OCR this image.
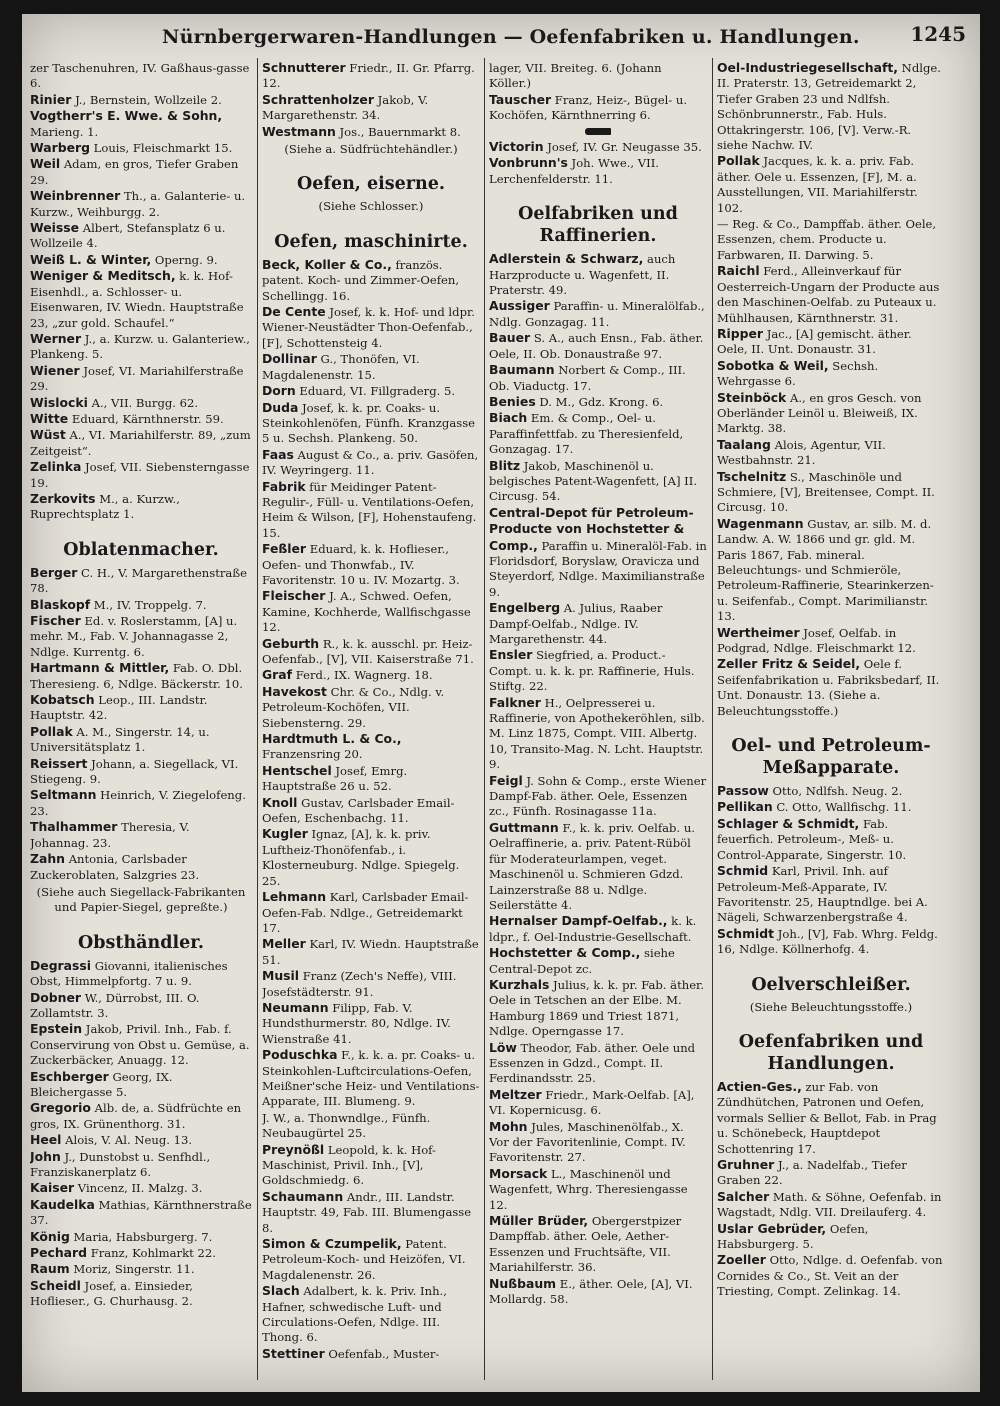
Nürnbergerwaren-Handlungen — Oefenfabriken u. Handlungen.	1245
zer Taschenuhren, IV. Gaßhaus-gasse 6.
Rinier J., Bernstein, Wollzeile 2.
Vogtherr's E. Wwe. & Sohn, Marieng. 1.
Warberg Louis, Fleischmarkt 15.
Weil Adam, en gros, Tiefer Graben 29.
Weinbrenner Th., a. Galanterie- u. Kurzw., Weihburgg. 2.
Weisse Albert, Stefansplatz 6 u. Wollzeile 4.
Weiß L. & Winter, Operng. 9.
Weniger & Meditsch, k. k. Hof-Eisenhdl., a. Schlosser- u. Eisenwaren, IV. Wiedn. Hauptstraße 23, „zur gold. Schaufel.“
Werner J., a. Kurzw. u. Galanteriew., Plankeng. 5.
Wiener Josef, VI. Mariahilferstraße 29.
Wislocki A., VII. Burgg. 62.
Witte Eduard, Kärnthnerstr. 59.
Wüst A., VI. Mariahilferstr. 89, „zum Zeitgeist“.
Zelinka Josef, VII. Siebensterngasse 19.
Zerkovits M., a. Kurzw., Ruprechtsplatz 1.
Oblatenmacher.
Berger C. H., V. Margarethenstraße 78.
Blaskopf M., IV. Troppelg. 7.
Fischer Ed. v. Roslerstamm, [A] u. mehr. M., Fab. V. Johannagasse 2, Ndlge. Kurrentg. 6.
Hartmann & Mittler, Fab. O. Dbl. Theresieng. 6, Ndlge. Bäckerstr. 10.
Kobatsch Leop., III. Landstr. Hauptstr. 42.
Pollak A. M., Singerstr. 14, u. Universitätsplatz 1.
Reissert Johann, a. Siegellack, VI. Stiegeng. 9.
Seltmann Heinrich, V. Ziegelofeng. 23.
Thalhammer Theresia, V. Johannag. 23.
Zahn Antonia, Carlsbader Zuckeroblaten, Salzgries 23.
(Siehe auch Siegellack-Fabrikanten und Papier-Siegel, gepreßte.)
Obsthändler.
Degrassi Giovanni, italienisches Obst, Himmelpfortg. 7 u. 9.
Dobner W., Dürrobst, III. O. Zollamtstr. 3.
Epstein Jakob, Privil. Inh., Fab. f. Conservirung von Obst u. Gemüse, a. Zuckerbäcker, Anuagg. 12.
Eschberger Georg, IX. Bleichergasse 5.
Gregorio Alb. de, a. Südfrüchte en gros, IX. Grünenthorg. 31.
Heel Alois, V. Al. Neug. 13.
John J., Dunstobst u. Senfhdl., Franziskanerplatz 6.
Kaiser Vincenz, II. Malzg. 3.
Kaudelka Mathias, Kärnthnerstraße 37.
König Maria, Habsburgerg. 7.
Pechard Franz, Kohlmarkt 22.
Raum Moriz, Singerstr. 11.
Scheidl Josef, a. Einsieder, Hoflieser., G. Churhausg. 2.
Schnutterer Friedr., II. Gr. Pfarrg. 12.
Schrattenholzer Jakob, V. Margarethenstr. 34.
Westmann Jos., Bauernmarkt 8.
(Siehe a. Südfrüchtehändler.)
Oefen, eiserne.
(Siehe Schlosser.)
Oefen, maschinirte.
Beck, Koller & Co., französ. patent. Koch- und Zimmer-Oefen, Schellingg. 16.
De Cente Josef, k. k. Hof- und ldpr. Wiener-Neustädter Thon-Oefenfab., [F], Schottensteig 4.
Dollinar G., Thonöfen, VI. Magdalenenstr. 15.
Dorn Eduard, VI. Fillgraderg. 5.
Duda Josef, k. k. pr. Coaks- u. Steinkohlenöfen, Fünfh. Kranzgasse 5 u. Sechsh. Plankeng. 50.
Faas August & Co., a. priv. Gasöfen, IV. Weyringerg. 11.
Fabrik für Meidinger Patent-Regulir-, Füll- u. Ventilations-Oefen, Heim & Wilson, [F], Hohenstaufeng. 15.
Feßler Eduard, k. k. Hoflieser., Oefen- und Thonwfab., IV. Favoritenstr. 10 u. IV. Mozartg. 3.
Fleischer J. A., Schwed. Oefen, Kamine, Kochherde, Wallfischgasse 12.
Geburth R., k. k. ausschl. pr. Heiz-Oefenfab., [V], VII. Kaiserstraße 71.
Graf Ferd., IX. Wagnerg. 18.
Havekost Chr. & Co., Ndlg. v. Petroleum-Kochöfen, VII. Siebensterng. 29.
Hardtmuth L. & Co., Franzensring 20.
Hentschel Josef, Emrg. Hauptstraße 26 u. 52.
Knoll Gustav, Carlsbader Email-Oefen, Eschenbachg. 11.
Kugler Ignaz, [A], k. k. priv. Luftheiz-Thonöfenfab., i. Klosterneuburg. Ndlge. Spiegelg. 25.
Lehmann Karl, Carlsbader Email-Oefen-Fab. Ndlge., Getreidemarkt 17.
Meller Karl, IV. Wiedn. Hauptstraße 51.
Musil Franz (Zech's Neffe), VIII. Josefstädterstr. 91.
Neumann Filipp, Fab. V. Hundsthurmerstr. 80, Ndlge. IV. Wienstraße 41.
Poduschka F., k. k. a. pr. Coaks- u. Steinkohlen-Luftcirculations-Oefen, Meißner'sche Heiz- und Ventilations-Apparate, III. Blumeng. 9.
J. W., a. Thonwndlge., Fünfh. Neubaugürtel 25.
Preynößl Leopold, k. k. Hof-Maschinist, Privil. Inh., [V], Goldschmiedg. 6.
Schaumann Andr., III. Landstr. Hauptstr. 49, Fab. III. Blumengasse 8.
Simon & Czumpelik, Patent. Petroleum-Koch- und Heizöfen, VI. Magdalenenstr. 26.
Slach Adalbert, k. k. Priv. Inh., Hafner, schwedische Luft- und Circulations-Oefen, Ndlge. III. Thong. 6.
Stettiner Oefenfab., Muster-
lager, VII. Breiteg. 6. (Johann Köller.)
Tauscher Franz, Heiz-, Bügel- u. Kochöfen, Kärnthnerring 6.
Victorin Josef, IV. Gr. Neugasse 35.
Vonbrunn's Joh. Wwe., VII. Lerchenfelderstr. 11.
Oelfabriken und Raffinerien.
Adlerstein & Schwarz, auch Harzproducte u. Wagenfett, II. Praterstr. 49.
Aussiger Paraffin- u. Mineralölfab., Ndlg. Gonzagag. 11.
Bauer S. A., auch Ensn., Fab. äther. Oele, II. Ob. Donaustraße 97.
Baumann Norbert & Comp., III. Ob. Viaductg. 17.
Benies D. M., Gdz. Krong. 6.
Biach Em. & Comp., Oel- u. Paraffinfettfab. zu Theresienfeld, Gonzagag. 17.
Blitz Jakob, Maschinenöl u. belgisches Patent-Wagenfett, [A] II. Circusg. 54.
Central-Depot für Petroleum-Producte von Hochstetter & Comp., Paraffin u. Mineralöl-Fab. in Floridsdorf, Boryslaw, Oravicza und Steyerdorf, Ndlge. Maximilianstraße 9.
Engelberg A. Julius, Raaber Dampf-Oelfab., Ndlge. IV. Margarethenstr. 44.
Ensler Siegfried, a. Product.-Compt. u. k. k. pr. Raffinerie, Huls. Stiftg. 22.
Falkner H., Oelpresserei u. Raffinerie, von Apothekeröhlen, silb. M. Linz 1875, Compt. VIII. Albertg. 10, Transito-Mag. N. Lcht. Hauptstr. 9.
Feigl J. Sohn & Comp., erste Wiener Dampf-Fab. äther. Oele, Essenzen zc., Fünfh. Rosinagasse 11a.
Guttmann F., k. k. priv. Oelfab. u. Oelraffinerie, a. priv. Patent-Rüböl für Moderateurlampen, veget. Maschinenöl u. Schmieren Gdzd. Lainzerstraße 88 u. Ndlge. Seilerstätte 4.
Hernalser Dampf-Oelfab., k. k. ldpr., f. Oel-Industrie-Gesellschaft.
Hochstetter & Comp., siehe Central-Depot zc.
Kurzhals Julius, k. k. pr. Fab. äther. Oele in Tetschen an der Elbe. M. Hamburg 1869 und Triest 1871, Ndlge. Operngasse 17.
Löw Theodor, Fab. äther. Oele und Essenzen in Gdzd., Compt. II. Ferdinandsstr. 25.
Meltzer Friedr., Mark-Oelfab. [A], VI. Kopernicusg. 6.
Mohn Jules, Maschinenölfab., X. Vor der Favoritenlinie, Compt. IV. Favoritenstr. 27.
Morsack L., Maschinenöl und Wagenfett, Whrg. Theresiengasse 12.
Müller Brüder, Obergerstpizer Dampffab. äther. Oele, Aether-Essenzen und Fruchtsäfte, VII. Mariahilferstr. 36.
Nußbaum E., äther. Oele, [A], VI. Mollardg. 58.
Oel-Industriegesellschaft, Ndlge. II. Praterstr. 13, Getreidemarkt 2, Tiefer Graben 23 und Ndlfsh. Schönbrunnerstr., Fab. Huls. Ottakringerstr. 106, [V]. Verw.-R. siehe Nachw. IV.
Pollak Jacques, k. k. a. priv. Fab. äther. Oele u. Essenzen, [F], M. a. Ausstellungen, VII. Mariahilferstr. 102.
— Reg. & Co., Dampffab. äther. Oele, Essenzen, chem. Producte u. Farbwaren, II. Darwing. 5.
Raichl Ferd., Alleinverkauf für Oesterreich-Ungarn der Producte aus den Maschinen-Oelfab. zu Puteaux u. Mühlhausen, Kärnthnerstr. 31.
Ripper Jac., [A] gemischt. äther. Oele, II. Unt. Donaustr. 31.
Sobotka & Weil, Sechsh. Wehrgasse 6.
Steinböck A., en gros Gesch. von Oberländer Leinöl u. Bleiweiß, IX. Marktg. 38.
Taalang Alois, Agentur, VII. Westbahnstr. 21.
Tschelnitz S., Maschinöle und Schmiere, [V], Breitensee, Compt. II. Circusg. 10.
Wagenmann Gustav, ar. silb. M. d. Landw. A. W. 1866 und gr. gld. M. Paris 1867, Fab. mineral. Beleuchtungs- und Schmieröle, Petroleum-Raffinerie, Stearinkerzen- u. Seifenfab., Compt. Marimilianstr. 13.
Wertheimer Josef, Oelfab. in Podgrad, Ndlge. Fleischmarkt 12.
Zeller Fritz & Seidel, Oele f. Seifenfabrikation u. Fabriksbedarf, II. Unt. Donaustr. 13. (Siehe a. Beleuchtungsstoffe.)
Oel- und Petroleum-Meßapparate.
Passow Otto, Ndlfsh. Neug. 2.
Pellikan C. Otto, Wallfischg. 11.
Schlager & Schmidt, Fab. feuerfich. Petroleum-, Meß- u. Control-Apparate, Singerstr. 10.
Schmid Karl, Privil. Inh. auf Petroleum-Meß-Apparate, IV. Favoritenstr. 25, Hauptndlge. bei A. Nägeli, Schwarzenbergstraße 4.
Schmidt Joh., [V], Fab. Whrg. Feldg. 16, Ndlge. Köllnerhofg. 4.
Oelverschleißer.
(Siehe Beleuchtungsstoffe.)
Oefenfabriken und Handlungen.
Actien-Ges., zur Fab. von Zündhütchen, Patronen und Oefen, vormals Sellier & Bellot, Fab. in Prag u. Schönebeck, Hauptdepot Schottenring 17.
Gruhner J., a. Nadelfab., Tiefer Graben 22.
Salcher Math. & Söhne, Oefenfab. in Wagstadt, Ndlg. VII. Dreilauferg. 4.
Uslar Gebrüder, Oefen, Habsburgerg. 5.
Zoeller Otto, Ndlge. d. Oefenfab. von Cornides & Co., St. Veit an der Triesting, Compt. Zelinkag. 14.
